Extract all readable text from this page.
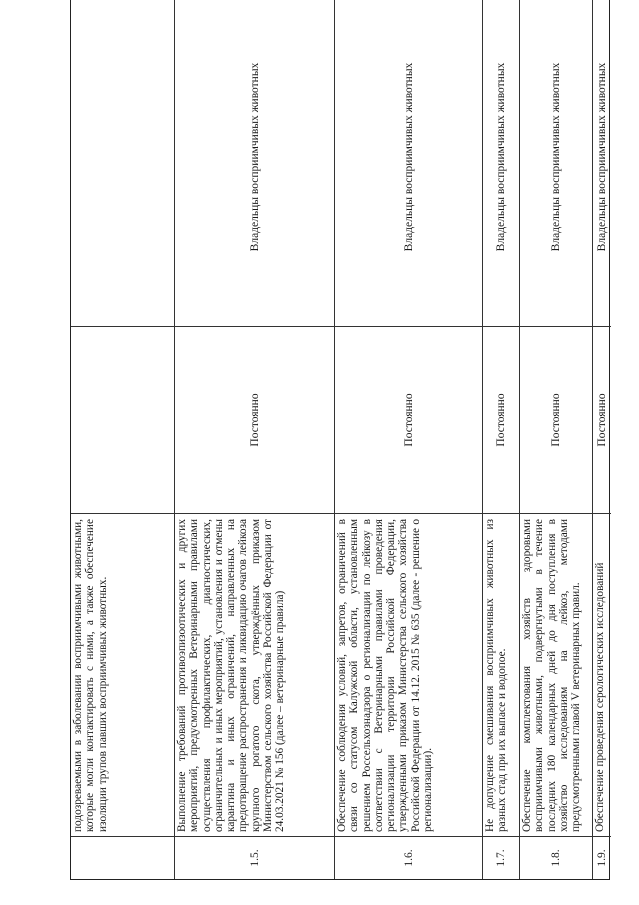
подозреваемыми в заболевании восприимчивыми животными, которые могли контактировать с ними, а также обеспечение изоляции трупов павших восприимчивых животных.
1.5.
Выполнение требований противоэпизоотических и других мероприятий, предусмотренных Ветеринарными правилами осуществления профилактических, диагностических, ограничительных и иных мероприятий, установления и отмены карантина и иных ограничений, направленных на предотвращение распространения и ликвидацию очагов лейкоза крупного рогатого скота, утверждённых приказом Министерством сельского хозяйства Российской Федерации от 24.03.2021 № 156 (далее – ветеринарные правила)
Постоянно
Владельцы восприимчивых животных
1.6.
Обеспечение соблюдения условий, запретов, ограничений в связи со статусом Калужской области, установленным решением Россельхознадзора о регионализации по лейкозу в соответствии с Ветеринарными правилами проведения регионализации территории Российской Федерации, утвержденными приказом Министерства сельского хозяйства Российской Федерации от 14.12. 2015 № 635 (далее - решение о регионализации).
Постоянно
Владельцы восприимчивых животных
1.7.
Не допущение смешивания восприимчивых животных из разных стад при их выпасе и водопое.
Постоянно
Владельцы восприимчивых животных
1.8.
Обеспечение комплектования хозяйств здоровыми восприимчивыми животными, подвергнутыми в течение последних 180 календарных дней до дня поступления в хозяйство исследованиям на лейкоз, методами предусмотренными главой V ветеринарных правил.
Постоянно
Владельцы восприимчивых животных
1.9.
Обеспечение проведения серологических исследований
Постоянно
Владельцы восприимчивых животных
